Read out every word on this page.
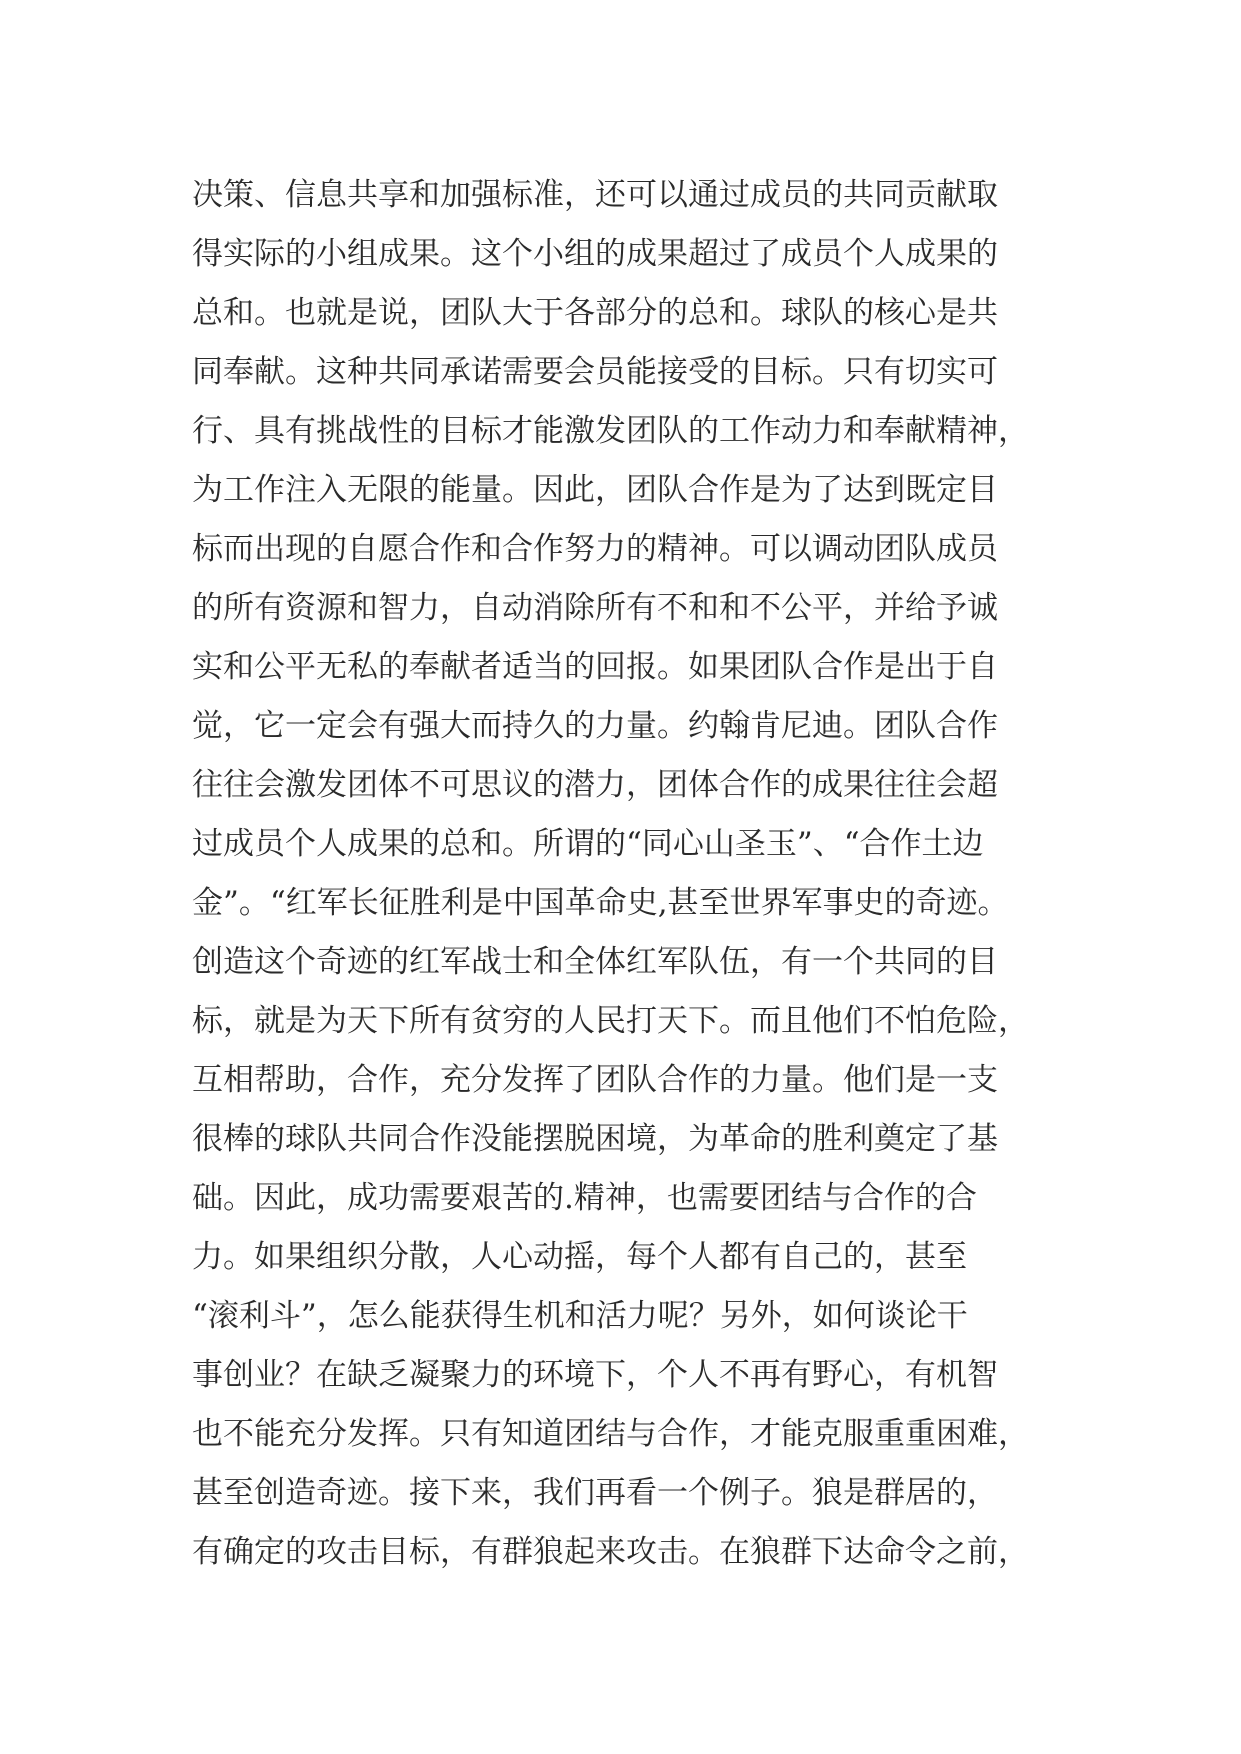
决策、信息共享和加强标准，还可以通过成员的共同贡献取
得实际的小组成果。这个小组的成果超过了成员个人成果的
总和。也就是说，团队大于各部分的总和。球队的核心是共
同奉献。这种共同承诺需要会员能接受的目标。只有切实可
行、具有挑战性的目标才能激发团队的工作动力和奉献精神，
为工作注入无限的能量。因此，团队合作是为了达到既定目
标而出现的自愿合作和合作努力的精神。可以调动团队成员
的所有资源和智力，自动消除所有不和和不公平，并给予诚
实和公平无私的奉献者适当的回报。如果团队合作是出于自
觉，它一定会有强大而持久的力量。约翰肯尼迪。团队合作
往往会激发团体不可思议的潜力，团体合作的成果往往会超
过成员个人成果的总和。所谓的“同心山圣玉”、“合作土边
金”。“红军长征胜利是中国革命史,甚至世界军事史的奇迹。
创造这个奇迹的红军战士和全体红军队伍，有一个共同的目
标，就是为天下所有贫穷的人民打天下。而且他们不怕危险，
互相帮助，合作，充分发挥了团队合作的力量。他们是一支
很棒的球队共同合作没能摆脱困境，为革命的胜利奠定了基
础。因此，成功需要艰苦的.精神，也需要团结与合作的合
力。如果组织分散，人心动摇，每个人都有自己的，甚至
“滚利斗”，怎么能获得生机和活力呢？另外，如何谈论干
事创业？在缺乏凝聚力的环境下，个人不再有野心，有机智
也不能充分发挥。只有知道团结与合作，才能克服重重困难，
甚至创造奇迹。接下来，我们再看一个例子。狼是群居的，
有确定的攻击目标，有群狼起来攻击。在狼群下达命令之前，
